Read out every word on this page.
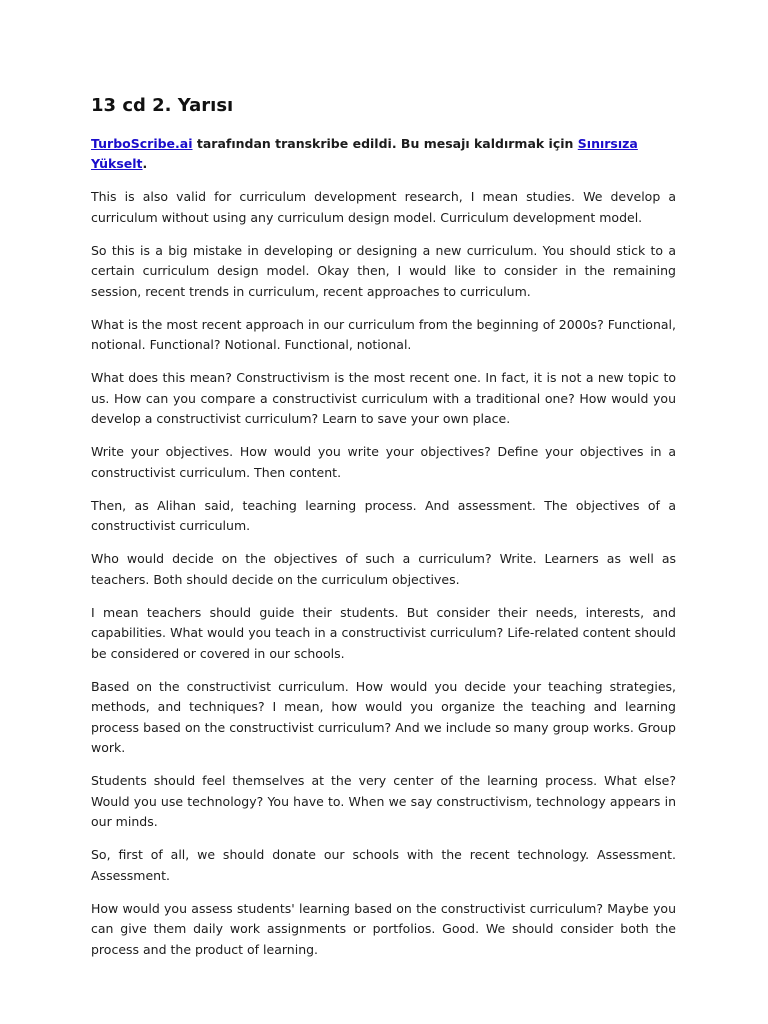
13 cd 2. Yarısı

TurboScribe.ai tarafından transkribe edildi. Bu mesajı kaldırmak için Sınırsıza Yükselt.

This is also valid for curriculum development research, I mean studies. We develop a curriculum without using any curriculum design model. Curriculum development model.

So this is a big mistake in developing or designing a new curriculum. You should stick to a certain curriculum design model. Okay then, I would like to consider in the remaining session, recent trends in curriculum, recent approaches to curriculum.

What is the most recent approach in our curriculum from the beginning of 2000s? Functional, notional. Functional? Notional. Functional, notional.

What does this mean? Constructivism is the most recent one. In fact, it is not a new topic to us. How can you compare a constructivist curriculum with a traditional one? How would you develop a constructivist curriculum? Learn to save your own place.

Write your objectives. How would you write your objectives? Define your objectives in a constructivist curriculum. Then content.

Then, as Alihan said, teaching learning process. And assessment. The objectives of a constructivist curriculum.

Who would decide on the objectives of such a curriculum? Write. Learners as well as teachers. Both should decide on the curriculum objectives.

I mean teachers should guide their students. But consider their needs, interests, and capabilities. What would you teach in a constructivist curriculum? Life-related content should be considered or covered in our schools.

Based on the constructivist curriculum. How would you decide your teaching strategies, methods, and techniques? I mean, how would you organize the teaching and learning process based on the constructivist curriculum? And we include so many group works. Group work.

Students should feel themselves at the very center of the learning process. What else? Would you use technology? You have to. When we say constructivism, technology appears in our minds.

So, first of all, we should donate our schools with the recent technology. Assessment. Assessment.

How would you assess students' learning based on the constructivist curriculum? Maybe you can give them daily work assignments or portfolios. Good. We should consider both the process and the product of learning.
